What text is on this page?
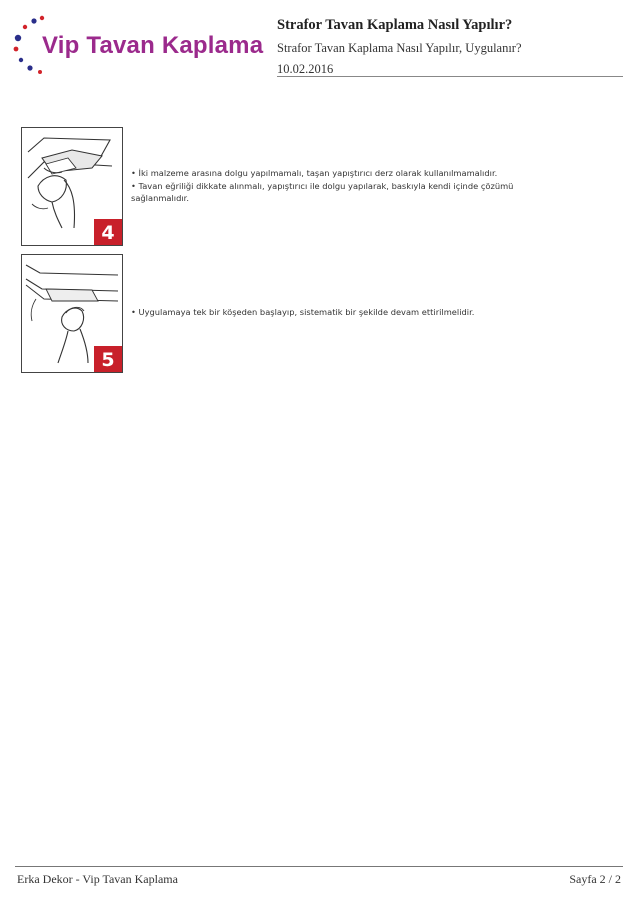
Vip Tavan Kaplama
Strafor Tavan Kaplama Nasıl Yapılır?
Strafor Tavan Kaplama Nasıl Yapılır, Uygulanır?
10.02.2016
4
• İki malzeme arasına dolgu yapılmamalı, taşan yapıştırıcı derz olarak kullanılmamalıdır.
• Tavan eğriliği dikkate alınmalı, yapıştırıcı ile dolgu yapılarak, baskıyla kendi içinde çözümü
sağlanmalıdır.
5
• Uygulamaya tek bir köşeden başlayıp, sistematik bir şekilde devam ettirilmelidir.
Erka Dekor - Vip Tavan Kaplama	Sayfa 2 / 2
